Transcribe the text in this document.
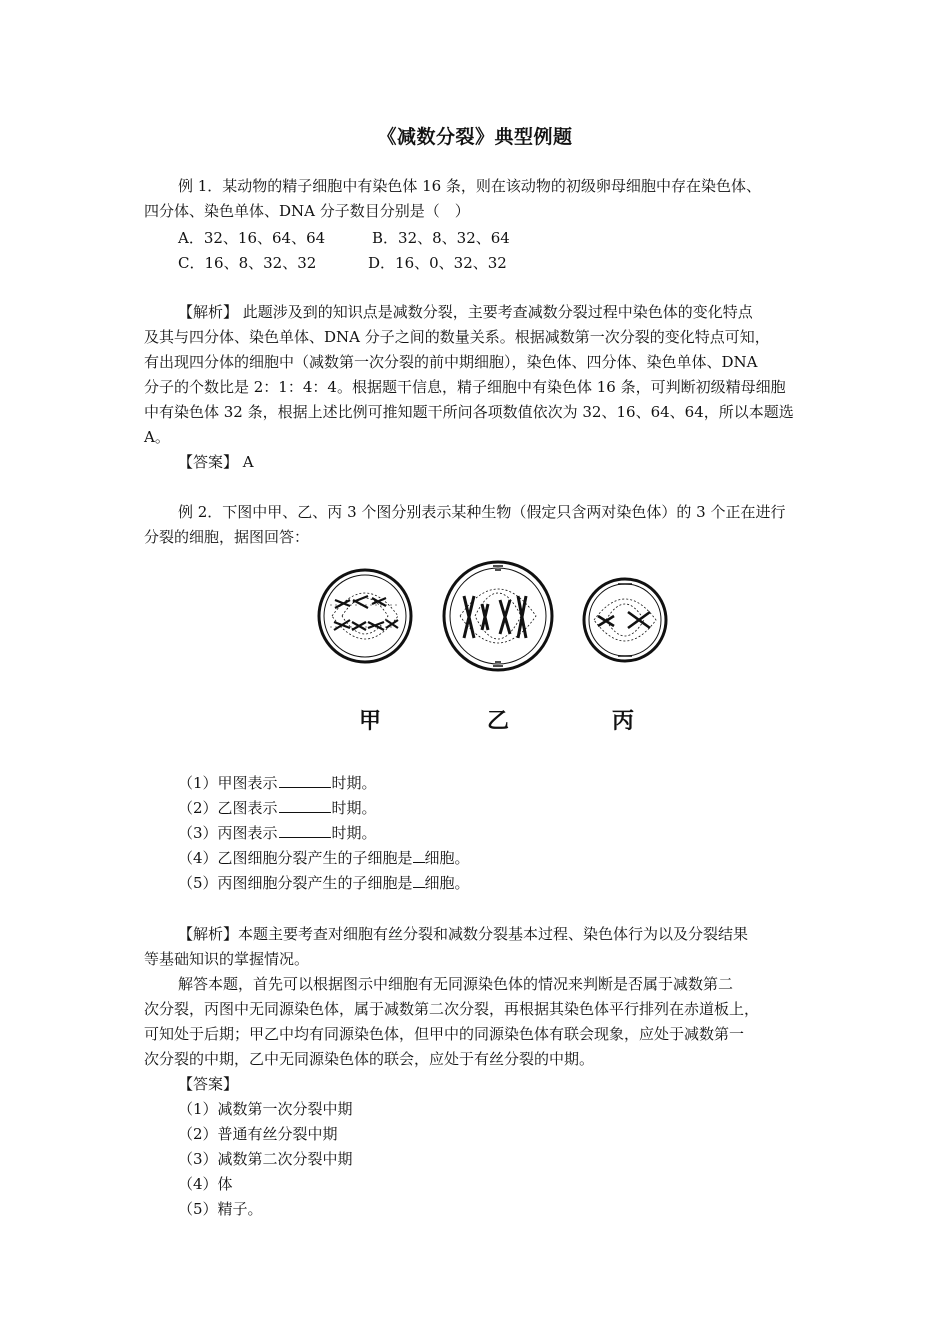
《减数分裂》典型例题
例 1．某动物的精子细胞中有染色体 16 条，则在该动物的初级卵母细胞中存在染色体、
四分体、染色单体、DNA 分子数目分别是（　）
A．32、16、64、64	B．32、8、32、64
C．16、8、32、32	D．16、0、32、32
【解析】 此题涉及到的知识点是减数分裂，主要考查减数分裂过程中染色体的变化特点
及其与四分体、染色单体、DNA 分子之间的数量关系。根据减数第一次分裂的变化特点可知，
有出现四分体的细胞中（减数第一次分裂的前中期细胞），染色体、四分体、染色单体、DNA
分子的个数比是 2：1：4：4。根据题干信息，精子细胞中有染色体 16 条，可判断初级精母细胞
中有染色体 32 条，根据上述比例可推知题干所问各项数值依次为 32、16、64、64，所以本题选
A。
【答案】 A
例 2．下图中甲、乙、丙 3 个图分别表示某种生物（假定只含两对染色体）的 3 个正在进行
分裂的细胞，据图回答：
甲	乙	丙
（1）甲图表示	时期。
（2）乙图表示	时期。
（3）丙图表示	时期。
（4）乙图细胞分裂产生的子细胞是 细胞。
（5）丙图细胞分裂产生的子细胞是 细胞。
【解析】本题主要考查对细胞有丝分裂和减数分裂基本过程、染色体行为以及分裂结果
等基础知识的掌握情况。
解答本题，首先可以根据图示中细胞有无同源染色体的情况来判断是否属于减数第二
次分裂，丙图中无同源染色体，属于减数第二次分裂，再根据其染色体平行排列在赤道板上，
可知处于后期；甲乙中均有同源染色体，但甲中的同源染色体有联会现象，应处于减数第一
次分裂的中期，乙中无同源染色体的联会，应处于有丝分裂的中期。
【答案】
（1）减数第一次分裂中期
（2）普通有丝分裂中期
（3）减数第二次分裂中期
（4）体
（5）精子。
